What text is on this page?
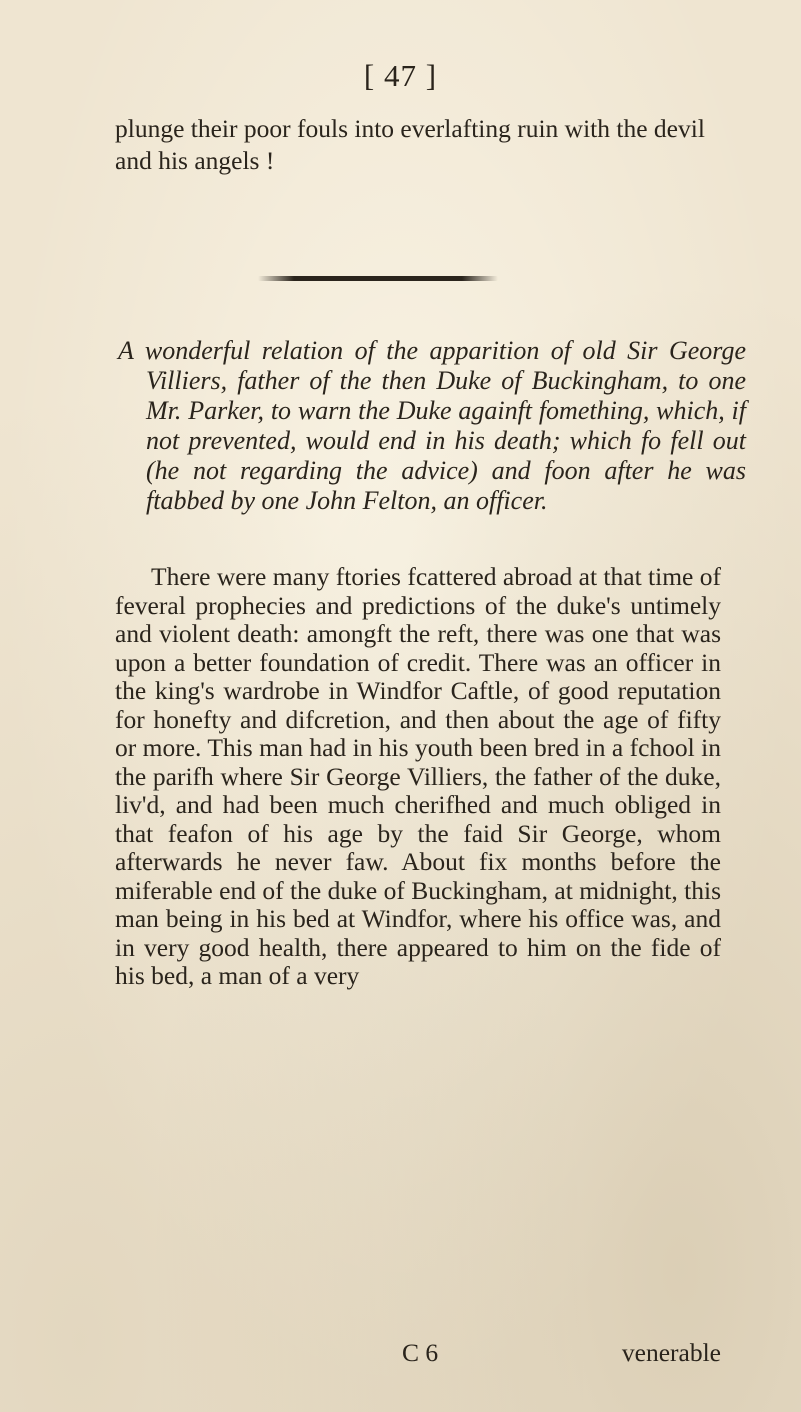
[ 47 ]
plunge their poor fouls into everlafting ruin with the devil and his angels !
A wonderful relation of the apparition of old Sir George Villiers, father of the then Duke of Buckingham, to one Mr. Parker, to warn the Duke againft fomething, which, if not prevented, would end in his death; which fo fell out (he not regarding the advice) and foon after he was ftabbed by one John Felton, an officer.
There were many ftories fcattered abroad at that time of feveral prophecies and predictions of the duke's untimely and violent death: amongft the reft, there was one that was upon a better foundation of credit. There was an officer in the king's wardrobe in Windfor Caftle, of good reputation for honefty and difcretion, and then about the age of fifty or more. This man had in his youth been bred in a fchool in the parifh where Sir George Villiers, the father of the duke, liv'd, and had been much cherifhed and much obliged in that feafon of his age by the faid Sir George, whom afterwards he never faw. About fix months before the miferable end of the duke of Buckingham, at midnight, this man being in his bed at Windfor, where his office was, and in very good health, there appeared to him on the fide of his bed, a man of a very
C 6	venerable
